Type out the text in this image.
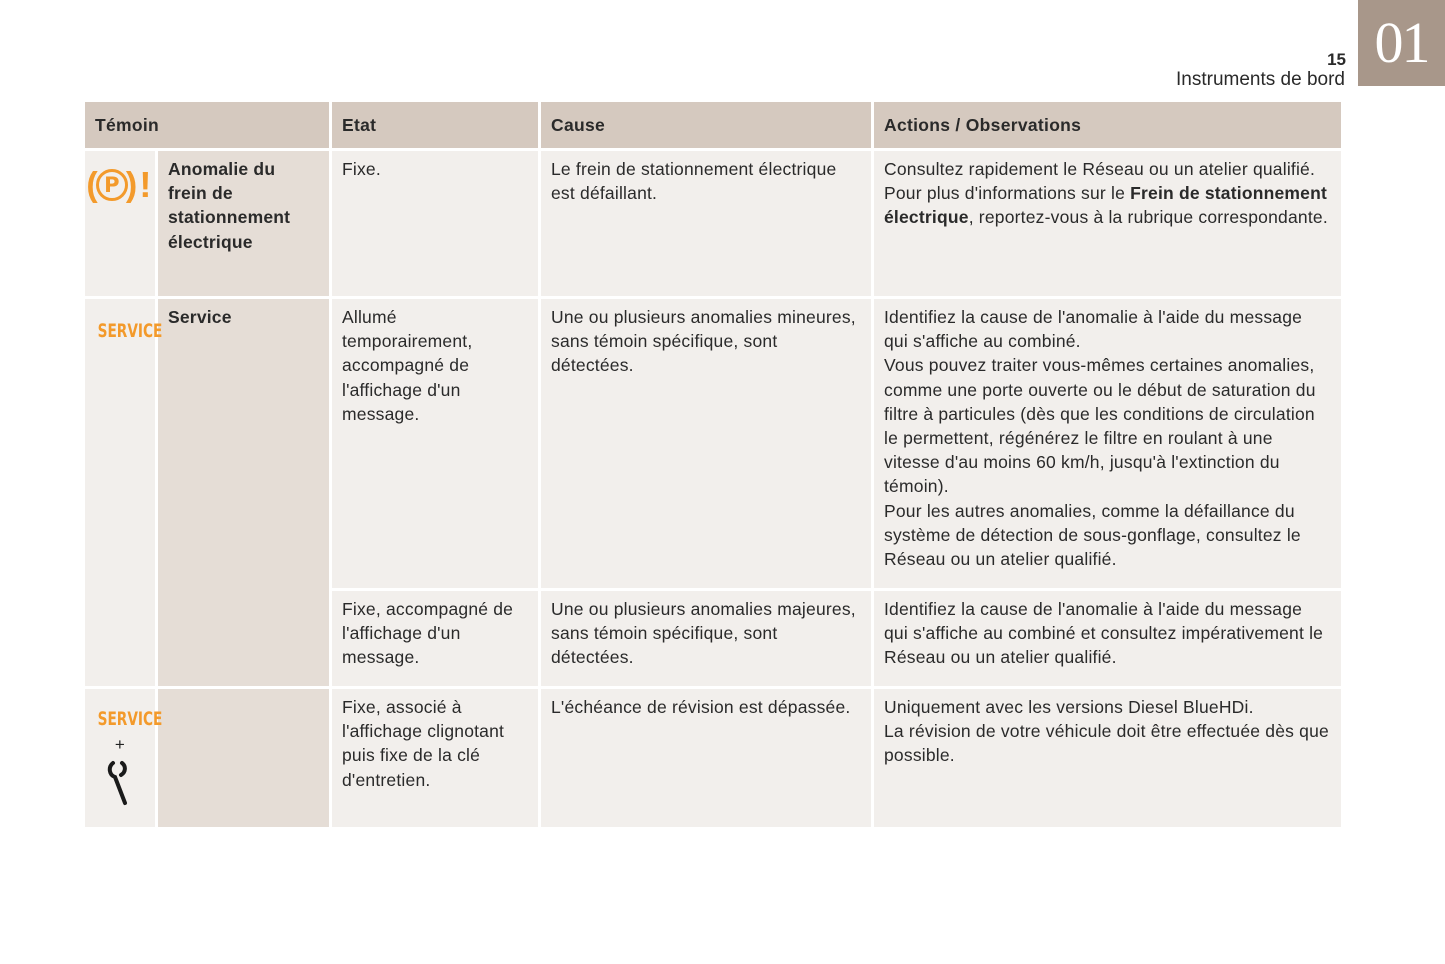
01
15
Instruments de bord
Témoin		Etat	Cause	Actions / Observations

( P ) !	Anomalie du frein de stationnement électrique	Fixe.	Le frein de stationnement électrique est défaillant.	Consultez rapidement le Réseau ou un atelier qualifié.
Pour plus d'informations sur le Frein de stationnement électrique, reportez-vous à la rubrique correspondante.
SERVICE	Service	Allumé temporairement, accompagné de l'affichage d'un message.	Une ou plusieurs anomalies mineures, sans témoin spécifique, sont détectées.	Identifiez la cause de l'anomalie à l'aide du message qui s'affiche au combiné.
Vous pouvez traiter vous-mêmes certaines anomalies, comme une porte ouverte ou le début de saturation du filtre à particules (dès que les conditions de circulation le permettent, régénérez le filtre en roulant à une vitesse d'au moins 60 km/h, jusqu'à l'extinction du témoin).
Pour les autres anomalies, comme la défaillance du système de détection de sous-gonflage, consultez le Réseau ou un atelier qualifié.
		Fixe, accompagné de l'affichage d'un message.	Une ou plusieurs anomalies majeures, sans témoin spécifique, sont détectées.	Identifiez la cause de l'anomalie à l'aide du message qui s'affiche au combiné et consultez impérativement le Réseau ou un atelier qualifié.
SERVICE
+		Fixe, associé à l'affichage clignotant puis fixe de la clé d'entretien.	L'échéance de révision est dépassée.	Uniquement avec les versions Diesel BlueHDi.
La révision de votre véhicule doit être effectuée dès que possible.
